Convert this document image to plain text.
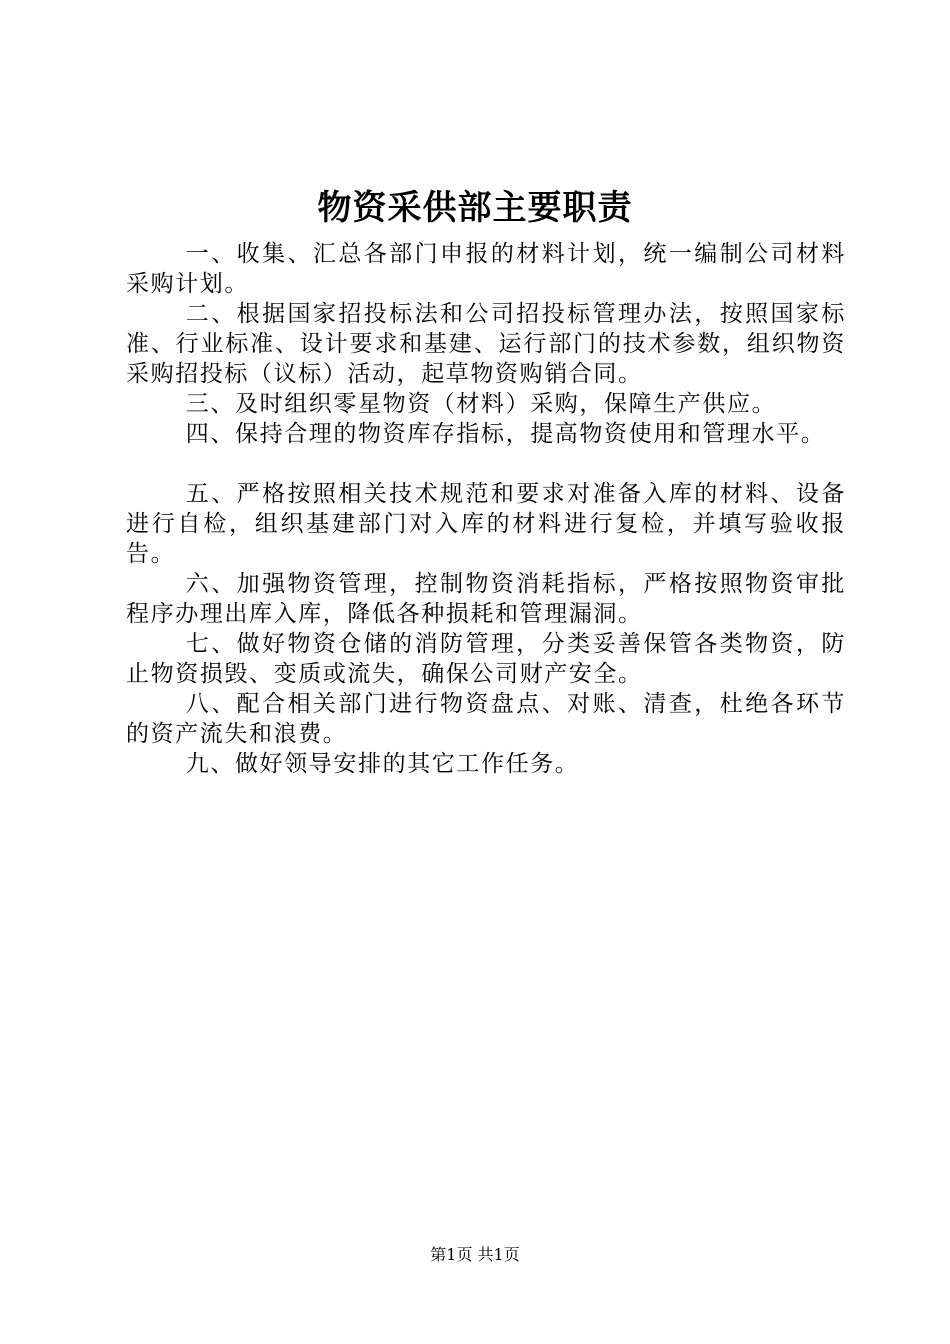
物资采供部主要职责

一、收集、汇总各部门申报的材料计划，统一编制公司材料采购计划。

二、根据国家招投标法和公司招投标管理办法，按照国家标准、行业标准、设计要求和基建、运行部门的技术参数，组织物资采购招投标（议标）活动，起草物资购销合同。

三、及时组织零星物资（材料）采购，保障生产供应。

四、保持合理的物资库存指标，提高物资使用和管理水平。

五、严格按照相关技术规范和要求对准备入库的材料、设备进行自检，组织基建部门对入库的材料进行复检，并填写验收报告。

六、加强物资管理，控制物资消耗指标，严格按照物资审批程序办理出库入库，降低各种损耗和管理漏洞。

七、做好物资仓储的消防管理，分类妥善保管各类物资，防止物资损毁、变质或流失，确保公司财产安全。

八、配合相关部门进行物资盘点、对账、清查，杜绝各环节的资产流失和浪费。

九、做好领导安排的其它工作任务。

第1页 共1页
